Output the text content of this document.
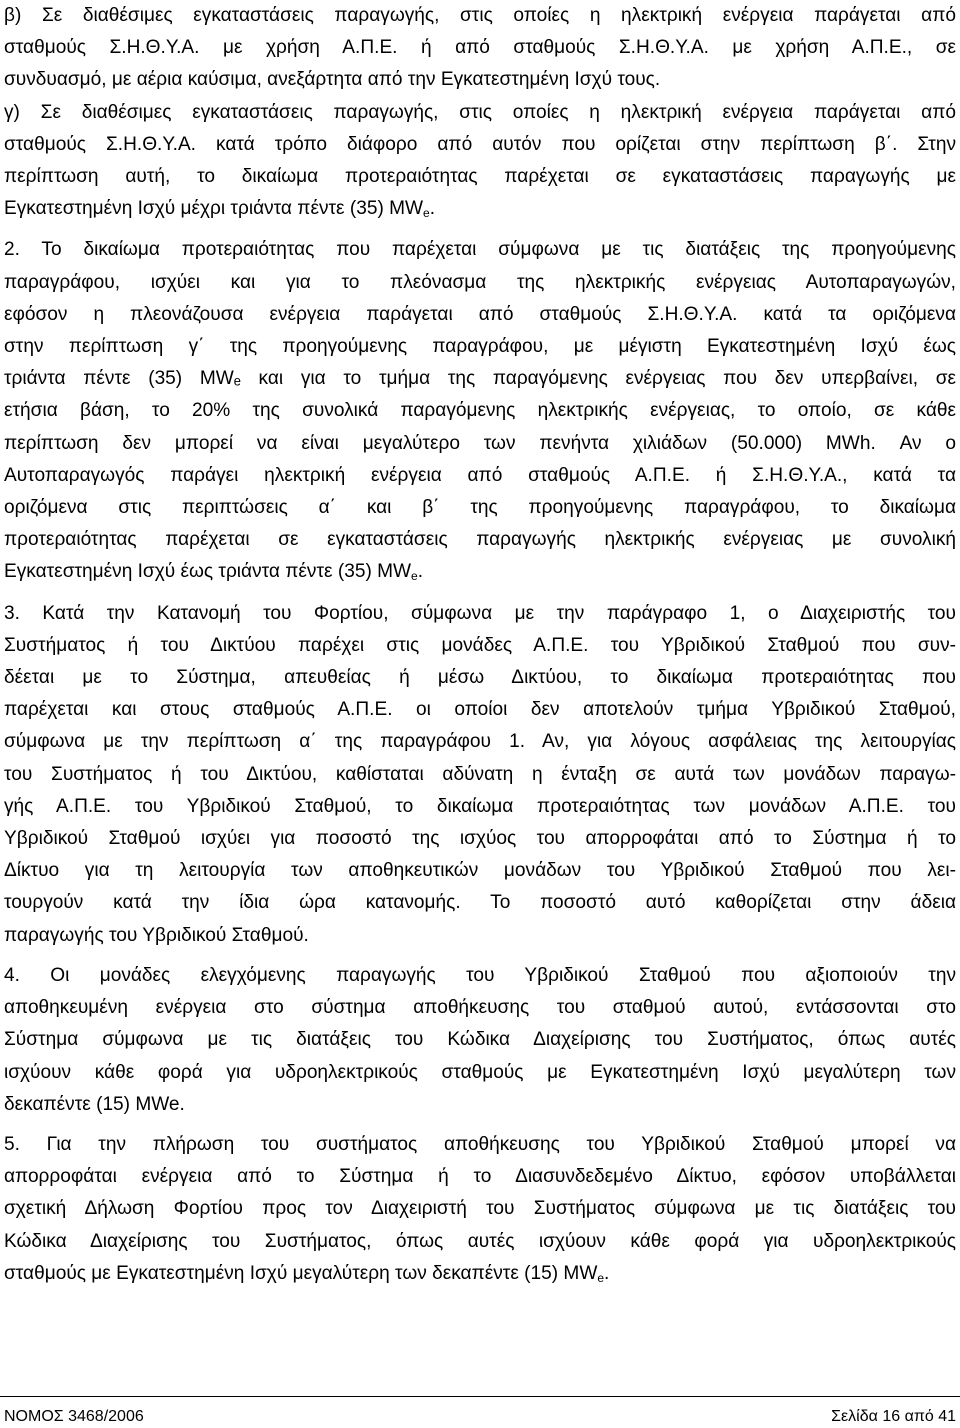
β) Σε διαθέσιμες εγκαταστάσεις παραγωγής, στις οποίες η ηλεκτρική ενέργεια παράγεται από
σταθμούς Σ.Η.Θ.Υ.Α. με χρήση Α.Π.Ε. ή από σταθμούς Σ.Η.Θ.Υ.Α. με χρήση Α.Π.Ε., σε
συνδυασμό, με αέρια καύσιμα, ανεξάρτητα από την Εγκατεστημένη Ισχύ τους.
γ) Σε διαθέσιμες εγκαταστάσεις παραγωγής, στις οποίες η ηλεκτρική ενέργεια παράγεται από
σταθμούς Σ.Η.Θ.Υ.Α. κατά τρόπο διάφορο από αυτόν που ορίζεται στην περίπτωση β΄. Στην
περίπτωση αυτή, το δικαίωμα προτεραιότητας παρέχεται σε εγκαταστάσεις παραγωγής με
Εγκατεστημένη Ισχύ μέχρι τριάντα πέντε (35) $MW_e$.
2. Το δικαίωμα προτεραιότητας που παρέχεται σύμφωνα με τις διατάξεις της προηγούμενης
παραγράφου, ισχύει και για το πλεόνασμα της ηλεκτρικής ενέργειας Αυτοπαραγωγών,
εφόσον η πλεονάζουσα ενέργεια παράγεται από σταθμούς Σ.Η.Θ.Υ.Α. κατά τα οριζόμενα
στην περίπτωση γ΄ της προηγούμενης παραγράφου, με μέγιστη Εγκατεστημένη Ισχύ έως
τριάντα πέντε (35) MWₑ και για το τμήμα της παραγόμενης ενέργειας που δεν υπερβαίνει, σε
ετήσια βάση, το 20% της συνολικά παραγόμενης ηλεκτρικής ενέργειας, το οποίο, σε κάθε
περίπτωση δεν μπορεί να είναι μεγαλύτερο των πενήντα χιλιάδων (50.000) MWh. Αν ο
Αυτοπαραγωγός παράγει ηλεκτρική ενέργεια από σταθμούς Α.Π.Ε. ή Σ.Η.Θ.Υ.Α., κατά τα
οριζόμενα στις περιπτώσεις α΄ και β΄ της προηγούμενης παραγράφου, το δικαίωμα
προτεραιότητας παρέχεται σε εγκαταστάσεις παραγωγής ηλεκτρικής ενέργειας με συνολική
Εγκατεστημένη Ισχύ έως τριάντα πέντε (35) $MW_e$.
3. Κατά την Κατανομή του Φορτίου, σύμφωνα με την παράγραφο 1, ο Διαχειριστής του
Συστήματος ή του Δικτύου παρέχει στις μονάδες Α.Π.Ε. του Υβριδικού Σταθμού που συν-
δέεται με το Σύστημα, απευθείας ή μέσω Δικτύου, το δικαίωμα προτεραιότητας που
παρέχεται και στους σταθμούς Α.Π.Ε. οι οποίοι δεν αποτελούν τμήμα Υβριδικού Σταθμού,
σύμφωνα με την περίπτωση α΄ της παραγράφου 1. Αν, για λόγους ασφάλειας της λειτουργίας
του Συστήματος ή του Δικτύου, καθίσταται αδύνατη η ένταξη σε αυτά των μονάδων παραγω-
γής Α.Π.Ε. του Υβριδικού Σταθμού, το δικαίωμα προτεραιότητας των μονάδων Α.Π.Ε. του
Υβριδικού Σταθμού ισχύει για ποσοστό της ισχύος του απορροφάται από το Σύστημα ή το
Δίκτυο για τη λειτουργία των αποθηκευτικών μονάδων του Υβριδικού Σταθμού που λει-
τουργούν κατά την ίδια ώρα κατανομής. Το ποσοστό αυτό καθορίζεται στην άδεια
παραγωγής του Υβριδικού Σταθμού.
4. Οι μονάδες ελεγχόμενης παραγωγής του Υβριδικού Σταθμού που αξιοποιούν την
αποθηκευμένη ενέργεια στο σύστημα αποθήκευσης του σταθμού αυτού, εντάσσονται στο
Σύστημα σύμφωνα με τις διατάξεις του Κώδικα Διαχείρισης του Συστήματος, όπως αυτές
ισχύουν κάθε φορά για υδροηλεκτρικούς σταθμούς με Εγκατεστημένη Ισχύ μεγαλύτερη των
δεκαπέντε (15) MWe.
5. Για την πλήρωση του συστήματος αποθήκευσης του Υβριδικού Σταθμού μπορεί να
απορροφάται ενέργεια από το Σύστημα ή το Διασυνδεδεμένο Δίκτυο, εφόσον υποβάλλεται
σχετική Δήλωση Φορτίου προς τον Διαχειριστή του Συστήματος σύμφωνα με τις διατάξεις του
Κώδικα Διαχείρισης του Συστήματος, όπως αυτές ισχύουν κάθε φορά για υδροηλεκτρικούς
σταθμούς με Εγκατεστημένη Ισχύ μεγαλύτερη των δεκαπέντε (15) $MW_e$.
ΝΟΜΟΣ 3468/2006	Σελίδα 16 από 41
